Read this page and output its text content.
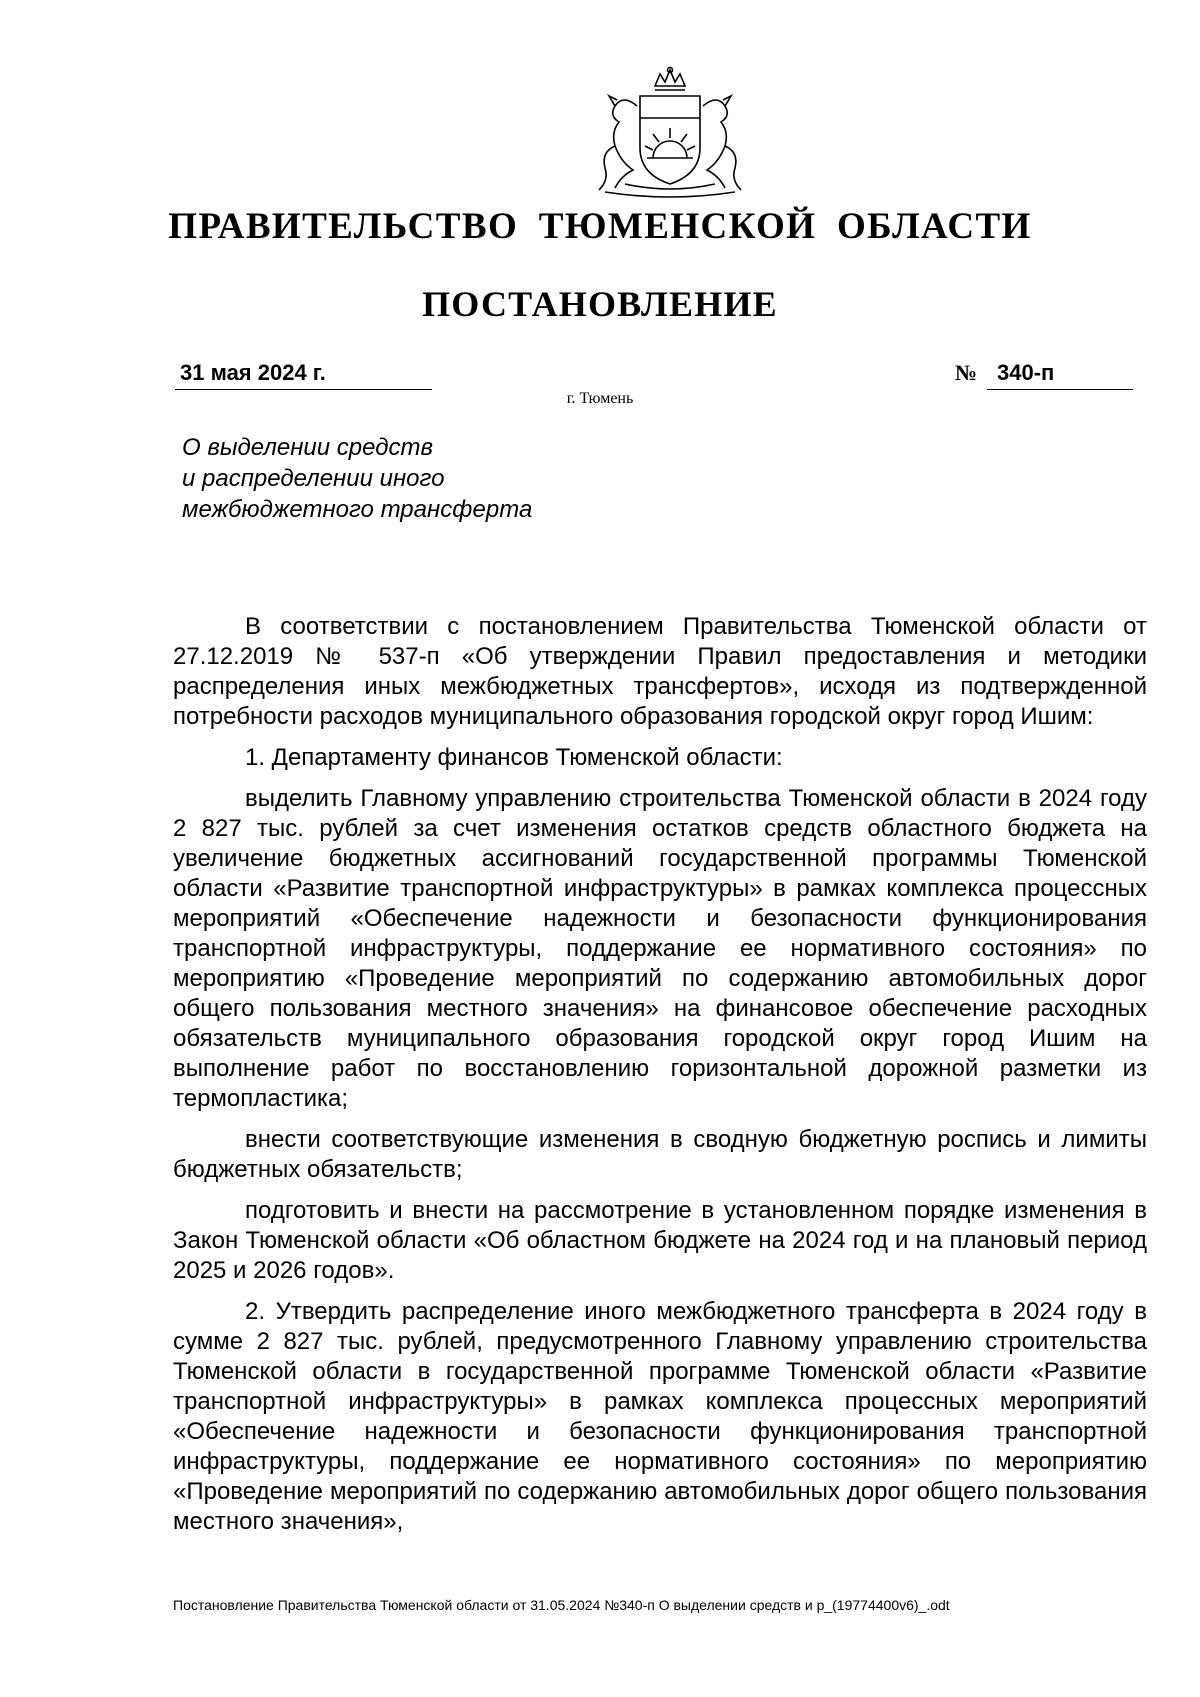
ПРАВИТЕЛЬСТВО ТЮМЕНСКОЙ ОБЛАСТИ
ПОСТАНОВЛЕНИЕ
31 мая 2024 г.	№ 340-п
г. Тюмень
О выделении средств
и распределении иного
межбюджетного трансферта

В соответствии с постановлением Правительства Тюменской области от 27.12.2019 № 537-п «Об утверждении Правил предоставления и методики распределения иных межбюджетных трансфертов», исходя из подтвержденной потребности расходов муниципального образования городской округ город Ишим:

1. Департаменту финансов Тюменской области:

выделить Главному управлению строительства Тюменской области в 2024 году 2 827 тыс. рублей за счет изменения остатков средств областного бюджета на увеличение бюджетных ассигнований государственной программы Тюменской области «Развитие транспортной инфраструктуры» в рамках комплекса процессных мероприятий «Обеспечение надежности и безопасности функционирования транспортной инфраструктуры, поддержание ее нормативного состояния» по мероприятию «Проведение мероприятий по содержанию автомобильных дорог общего пользования местного значения» на финансовое обеспечение расходных обязательств муниципального образования городской округ город Ишим на выполнение работ по восстановлению горизонтальной дорожной разметки из термопластика;

внести соответствующие изменения в сводную бюджетную роспись и лимиты бюджетных обязательств;

подготовить и внести на рассмотрение в установленном порядке изменения в Закон Тюменской области «Об областном бюджете на 2024 год и на плановый период 2025 и 2026 годов».

2. Утвердить распределение иного межбюджетного трансферта в 2024 году в сумме 2 827 тыс. рублей, предусмотренного Главному управлению строительства Тюменской области в государственной программе Тюменской области «Развитие транспортной инфраструктуры» в рамках комплекса процессных мероприятий «Обеспечение надежности и безопасности функционирования транспортной инфраструктуры, поддержание ее нормативного состояния» по мероприятию «Проведение мероприятий по содержанию автомобильных дорог общего пользования местного значения»,

Постановление Правительства Тюменской области от 31.05.2024 №340-п О выделении средств и р_(19774400v6)_.odt
